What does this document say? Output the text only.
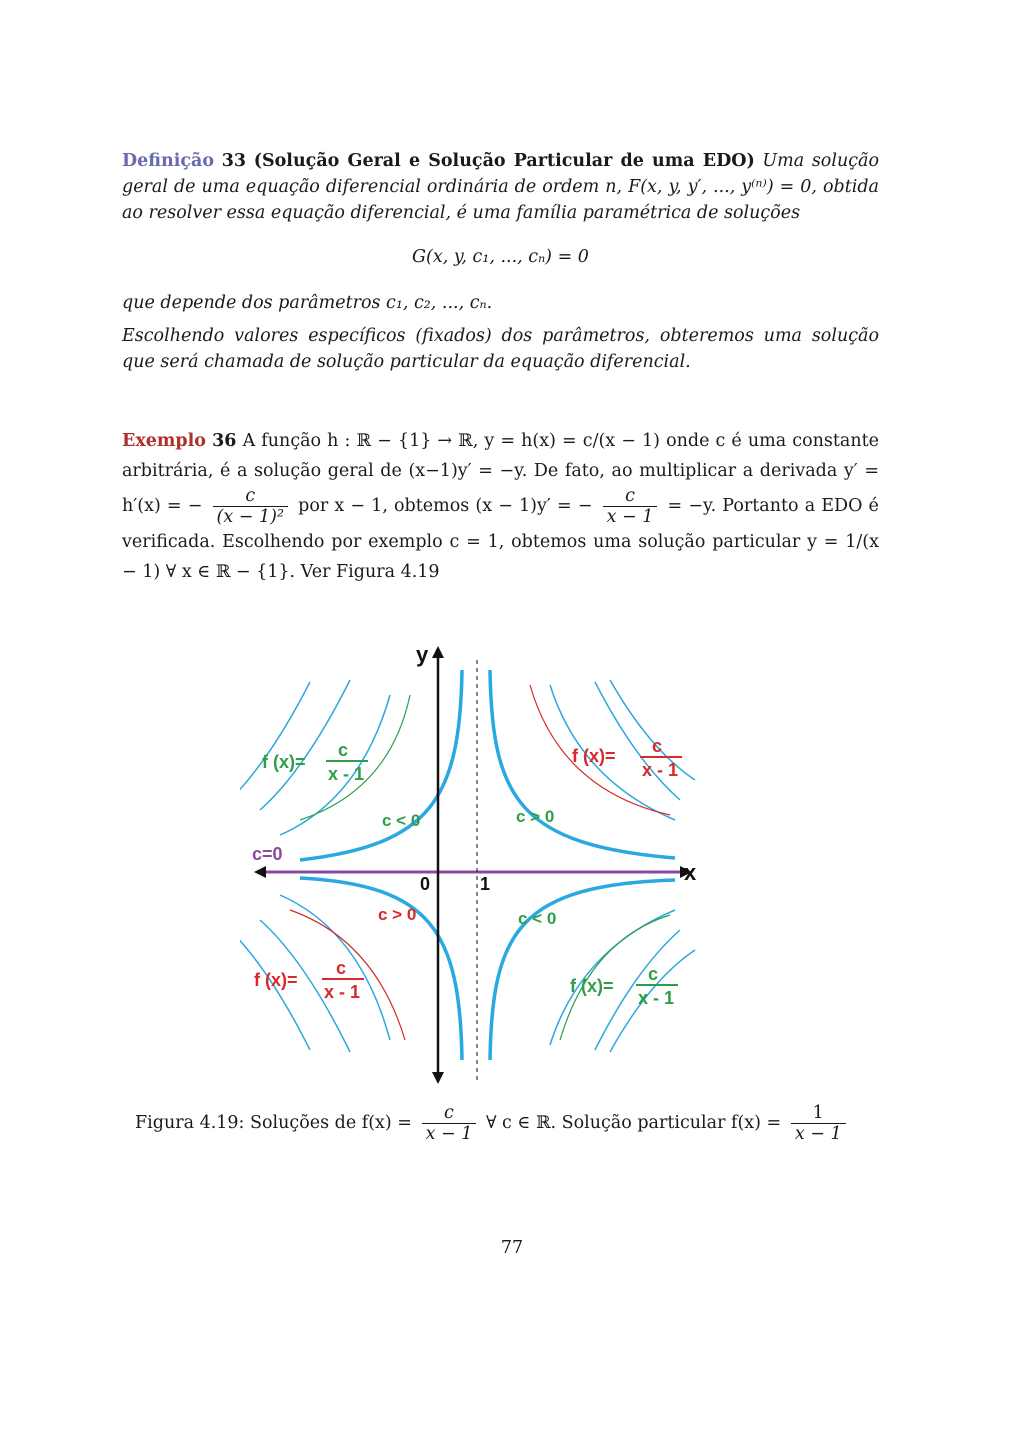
Definição 33 (Solução Geral e Solução Particular de uma EDO) Uma solução geral de uma equação diferencial ordinária de ordem n, F(x, y, y′, ..., y⁽ⁿ⁾) = 0, obtida ao resolver essa equação diferencial, é uma família paramétrica de soluções
G(x, y, c₁, ..., cₙ) = 0
que depende dos parâmetros c₁, c₂, ..., cₙ.
Escolhendo valores específicos (fixados) dos parâmetros, obteremos uma solução que será chamada de solução particular da equação diferencial.
Exemplo 36 A função h : ℝ − {1} → ℝ, y = h(x) = c/(x − 1) onde c é uma constante arbitrária, é a solução geral de (x−1)y′ = −y. De fato, ao multiplicar a derivada y′ = h′(x) = − $\frac{c}{\text{(x − 1)²}}$ por x − 1, obtemos (x − 1)y′ = − $\frac{c}{x - 1} = -y$. Portanto a EDO é verificada. Escolhendo por exemplo c = 1, obtemos uma solução particular y = 1/(x − 1) ∀ x ∈ ℝ − {1}. Ver Figura 4.19
y
x
0	1
c=0
c < 0	c > 0
c > 0	c < 0
f (x)=
c
x - 1
f (x)= c
x - 1
f (x)=
c
x - 1	f (x)=
c
x - 1
Figura 4.19: Soluções de $f(x) = \frac{c}{x - 1}$ ∀ c ∈ ℝ. Solução particular $f(x) = \frac{1}{x - 1}$
77
